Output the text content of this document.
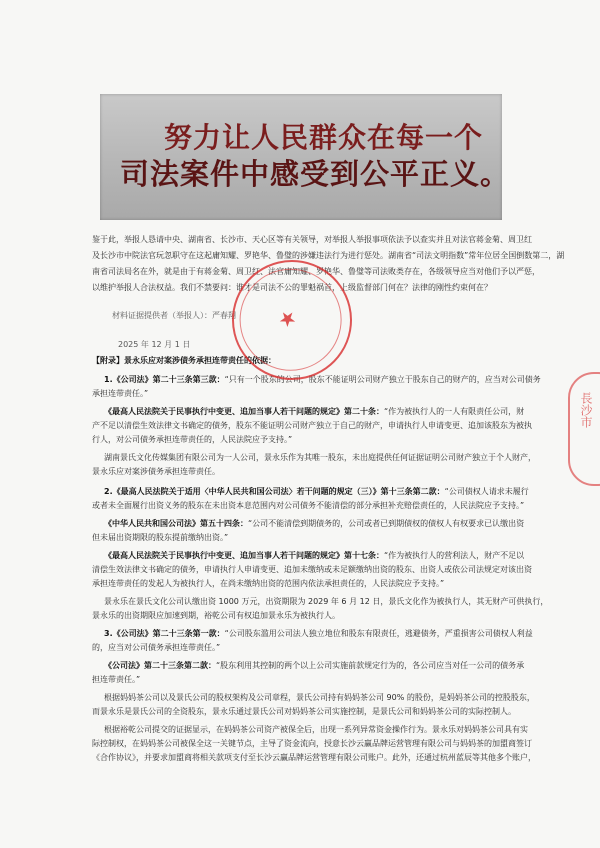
努力让人民群众在每一个
司法案件中感受到公平正义。
鉴于此，举报人恳请中央、湖南省、长沙市、天心区等有关领导，对举报人举报事项依法予以查实并且对法官蒋金菊、周卫红
及长沙市中院法官玩忽职守在这起庸知耀、罗艳华、鲁璧的涉嫌违法行为进行惩处。湖南省“司法文明指数”常年位居全国倒数第二，湖
南省司法局名在外，就是由于有蒋金菊、周卫红、法官庸知耀、罗艳华、鲁璧等司法败类存在，各级领导应当对他们予以严惩，
以维护举报人合法权益。我们不禁要问：谁才是司法不公的罪魁祸首，上级监督部门何在？法律的刚性约束何在？
材料证据提供者（举报人）：严春翔
2025 年 12 月 1 日
【附录】景永乐应对案涉债务承担连带责任的依据：
1.《公司法》第二十三条第三款：“只有一个股东的公司，股东不能证明公司财产独立于股东自己的财产的，应当对公司债务
承担连带责任。”
《最高人民法院关于民事执行中变更、追加当事人若干问题的规定》第二十条：“作为被执行人的一人有限责任公司，财
产不足以清偿生效法律文书确定的债务，股东不能证明公司财产独立于自己的财产，申请执行人申请变更、追加该股东为被执
行人，对公司债务承担连带责任的，人民法院应予支持。”
湖南景氏文化传媒集团有限公司为一人公司，景永乐作为其唯一股东，未出庭提供任何证据证明公司财产独立于个人财产，
景永乐应对案涉债务承担连带责任。
2.《最高人民法院关于适用〈中华人民共和国公司法〉若干问题的规定（三）》第十三条第二款：“公司债权人请求未履行
或者未全面履行出资义务的股东在未出资本息范围内对公司债务不能清偿的部分承担补充赔偿责任的，人民法院应予支持。”
《中华人民共和国公司法》第五十四条：“公司不能清偿到期债务的，公司或者已到期债权的债权人有权要求已认缴出资
但未届出资期限的股东提前缴纳出资。”
《最高人民法院关于民事执行中变更、追加当事人若干问题的规定》第十七条：“作为被执行人的营利法人，财产不足以
清偿生效法律文书确定的债务，申请执行人申请变更、追加未缴纳或未足额缴纳出资的股东、出资人或依公司法规定对该出资
承担连带责任的发起人为被执行人，在尚未缴纳出资的范围内依法承担责任的，人民法院应予支持。”
景永乐在景氏文化公司认缴出资 1000 万元，出资期限为 2029 年 6 月 12 日，景氏文化作为被执行人，其无财产可供执行，
景永乐的出资期限应加速到期，裕乾公司有权追加景永乐为被执行人。
3.《公司法》第二十三条第一款：“公司股东滥用公司法人独立地位和股东有限责任，逃避债务，严重损害公司债权人利益
的，应当对公司债务承担连带责任。”
《公司法》第二十三条第二款：“股东利用其控制的两个以上公司实施前款规定行为的，各公司应当对任一公司的债务承
担连带责任。”
根据妈妈茶公司以及景氏公司的股权架构及公司章程，景氏公司持有妈妈茶公司 90% 的股份，是妈妈茶公司的控股股东，
而景永乐是景氏公司的全资股东，景永乐通过景氏公司对妈妈茶公司实施控制，是景氏公司和妈妈茶公司的实际控制人。
根据裕乾公司提交的证据显示，在妈妈茶公司资产被保全后，出现一系列异常资金操作行为。景永乐对妈妈茶公司具有实
际控制权，在妈妈茶公司被保全这一关键节点，主导了资金流向，授意长沙云赢品牌运营管理有限公司与妈妈茶的加盟商签订
《合作协议》，并要求加盟商将相关款项支付至长沙云赢品牌运营管理有限公司账户。此外，还通过杭州蓝辰等其他多个账户，
★
長沙市
